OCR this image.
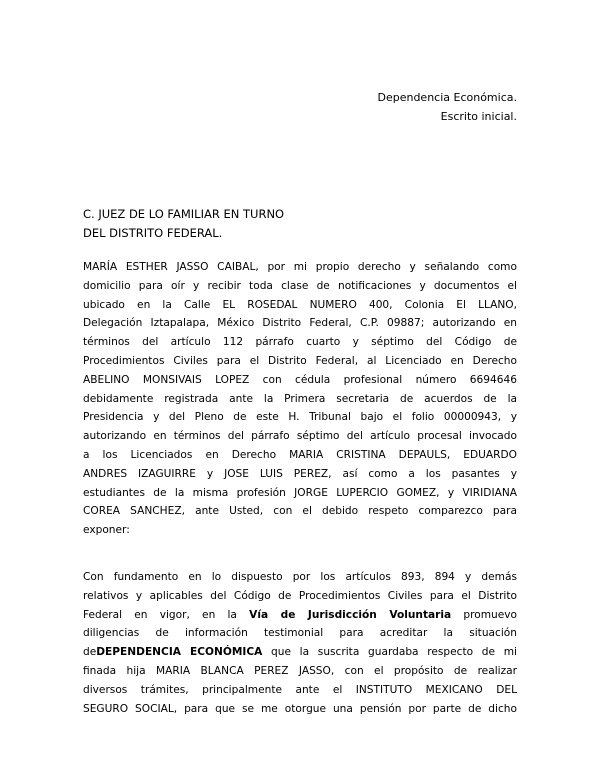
Dependencia Económica.
Escrito inicial.
C. JUEZ DE LO FAMILIAR EN TURNO
DEL DISTRITO FEDERAL.
MARÍA ESTHER JASSO CAIBAL, por mi propio derecho y señalando como
domicilio para oír y recibir toda clase de notificaciones y documentos el
ubicado en la Calle EL ROSEDAL NUMERO 400, Colonia El LLANO,
Delegación Iztapalapa, México Distrito Federal, C.P. 09887; autorizando en
términos del artículo 112 párrafo cuarto y séptimo del Código de
Procedimientos Civiles para el Distrito Federal, al Licenciado en Derecho
ABELINO MONSIVAIS LOPEZ con cédula profesional número 6694646
debidamente registrada ante la Primera secretaria de acuerdos de la
Presidencia y del Pleno de este H. Tribunal bajo el folio 00000943, y
autorizando en términos del párrafo séptimo del artículo procesal invocado
a los Licenciados en Derecho MARIA CRISTINA DEPAULS, EDUARDO
ANDRES IZAGUIRRE y JOSE LUIS PEREZ, así como a los pasantes y
estudiantes de la misma profesión JORGE LUPERCIO GOMEZ, y VIRIDIANA
COREA SANCHEZ, ante Usted, con el debido respeto comparezco para
exponer:
Con fundamento en lo dispuesto por los artículos 893, 894 y demás
relativos y aplicables del Código de Procedimientos Civiles para el Distrito
Federal en vigor, en la Vía de Jurisdicción Voluntaria promuevo
diligencias de información testimonial para acreditar la situación
deDEPENDENCIA ECONÓMICA que la suscrita guardaba respecto de mi
finada hija MARIA BLANCA PEREZ JASSO, con el propósito de realizar
diversos trámites, principalmente ante el INSTITUTO MEXICANO DEL
SEGURO SOCIAL, para que se me otorgue una pensión por parte de dicho
